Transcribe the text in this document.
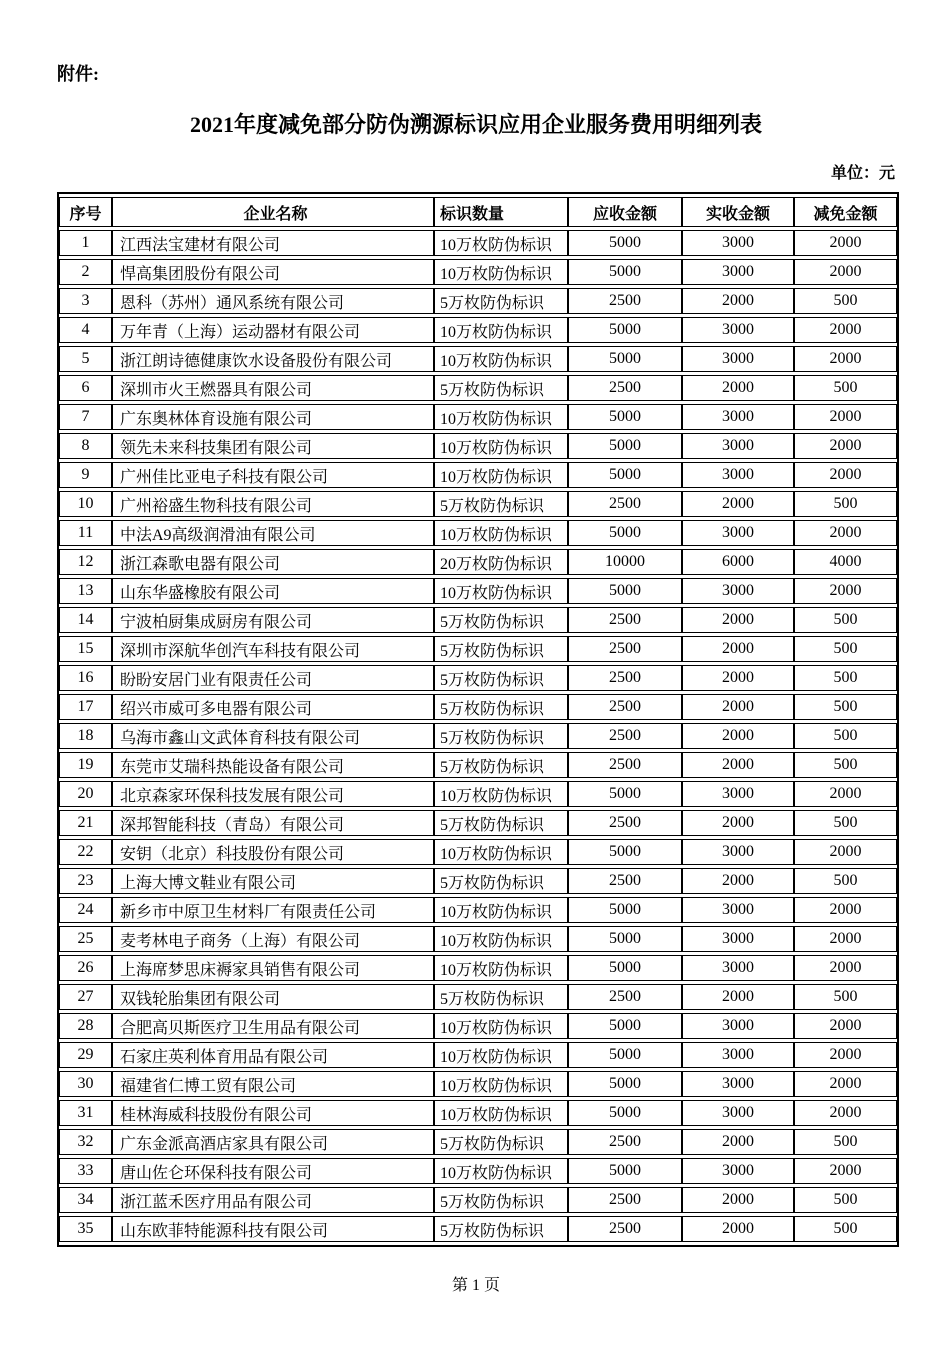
附件:
2021年度减免部分防伪溯源标识应用企业服务费用明细列表
单位：元
序号	企业名称	标识数量	应收金额	实收金额	减免金额
1	江西法宝建材有限公司	10万枚防伪标识	5000	3000	2000
2	悍高集团股份有限公司	10万枚防伪标识	5000	3000	2000
3	恩科（苏州）通风系统有限公司	5万枚防伪标识	2500	2000	500
4	万年青（上海）运动器材有限公司	10万枚防伪标识	5000	3000	2000
5	浙江朗诗德健康饮水设备股份有限公司	10万枚防伪标识	5000	3000	2000
6	深圳市火王燃器具有限公司	5万枚防伪标识	2500	2000	500
7	广东奥林体育设施有限公司	10万枚防伪标识	5000	3000	2000
8	领先未来科技集团有限公司	10万枚防伪标识	5000	3000	2000
9	广州佳比亚电子科技有限公司	10万枚防伪标识	5000	3000	2000
10	广州裕盛生物科技有限公司	5万枚防伪标识	2500	2000	500
11	中法A9高级润滑油有限公司	10万枚防伪标识	5000	3000	2000
12	浙江森歌电器有限公司	20万枚防伪标识	10000	6000	4000
13	山东华盛橡胶有限公司	10万枚防伪标识	5000	3000	2000
14	宁波柏厨集成厨房有限公司	5万枚防伪标识	2500	2000	500
15	深圳市深航华创汽车科技有限公司	5万枚防伪标识	2500	2000	500
16	盼盼安居门业有限责任公司	5万枚防伪标识	2500	2000	500
17	绍兴市威可多电器有限公司	5万枚防伪标识	2500	2000	500
18	乌海市鑫山文武体育科技有限公司	5万枚防伪标识	2500	2000	500
19	东莞市艾瑞科热能设备有限公司	5万枚防伪标识	2500	2000	500
20	北京森家环保科技发展有限公司	10万枚防伪标识	5000	3000	2000
21	深邦智能科技（青岛）有限公司	5万枚防伪标识	2500	2000	500
22	安钥（北京）科技股份有限公司	10万枚防伪标识	5000	3000	2000
23	上海大博文鞋业有限公司	5万枚防伪标识	2500	2000	500
24	新乡市中原卫生材料厂有限责任公司	10万枚防伪标识	5000	3000	2000
25	麦考林电子商务（上海）有限公司	10万枚防伪标识	5000	3000	2000
26	上海席梦思床褥家具销售有限公司	10万枚防伪标识	5000	3000	2000
27	双钱轮胎集团有限公司	5万枚防伪标识	2500	2000	500
28	合肥高贝斯医疗卫生用品有限公司	10万枚防伪标识	5000	3000	2000
29	石家庄英利体育用品有限公司	10万枚防伪标识	5000	3000	2000
30	福建省仁博工贸有限公司	10万枚防伪标识	5000	3000	2000
31	桂林海威科技股份有限公司	10万枚防伪标识	5000	3000	2000
32	广东金派高酒店家具有限公司	5万枚防伪标识	2500	2000	500
33	唐山佐仑环保科技有限公司	10万枚防伪标识	5000	3000	2000
34	浙江蓝禾医疗用品有限公司	5万枚防伪标识	2500	2000	500
35	山东欧菲特能源科技有限公司	5万枚防伪标识	2500	2000	500
第 1 页
